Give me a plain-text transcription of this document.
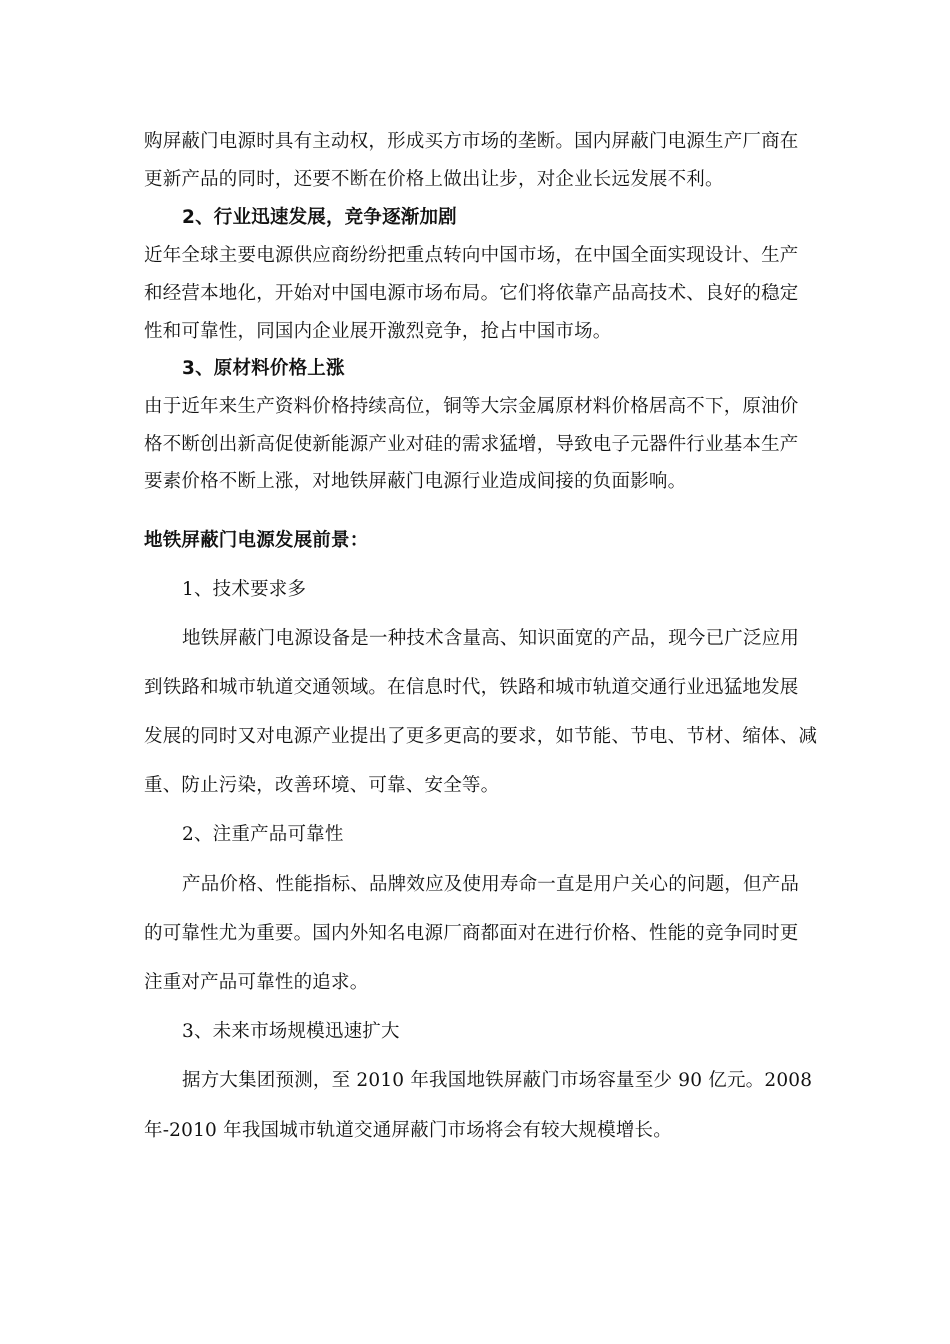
购屏蔽门电源时具有主动权，形成买方市场的垄断。国内屏蔽门电源生产厂商在
更新产品的同时，还要不断在价格上做出让步，对企业长远发展不利。
2、行业迅速发展，竞争逐渐加剧
近年全球主要电源供应商纷纷把重点转向中国市场，在中国全面实现设计、生产
和经营本地化，开始对中国电源市场布局。它们将依靠产品高技术、良好的稳定
性和可靠性，同国内企业展开激烈竞争，抢占中国市场。
3、原材料价格上涨
由于近年来生产资料价格持续高位，铜等大宗金属原材料价格居高不下，原油价
格不断创出新高促使新能源产业对硅的需求猛增，导致电子元器件行业基本生产
要素价格不断上涨，对地铁屏蔽门电源行业造成间接的负面影响。
地铁屏蔽门电源发展前景：
1、技术要求多
地铁屏蔽门电源设备是一种技术含量高、知识面宽的产品，现今已广泛应用
到铁路和城市轨道交通领域。在信息时代，铁路和城市轨道交通行业迅猛地发展
发展的同时又对电源产业提出了更多更高的要求，如节能、节电、节材、缩体、减
重、防止污染，改善环境、可靠、安全等。
2、注重产品可靠性
产品价格、性能指标、品牌效应及使用寿命一直是用户关心的问题，但产品
的可靠性尤为重要。国内外知名电源厂商都面对在进行价格、性能的竞争同时更
注重对产品可靠性的追求。
3、未来市场规模迅速扩大
据方大集团预测，至 2010 年我国地铁屏蔽门市场容量至少 90 亿元。2008
年-2010 年我国城市轨道交通屏蔽门市场将会有较大规模增长。
